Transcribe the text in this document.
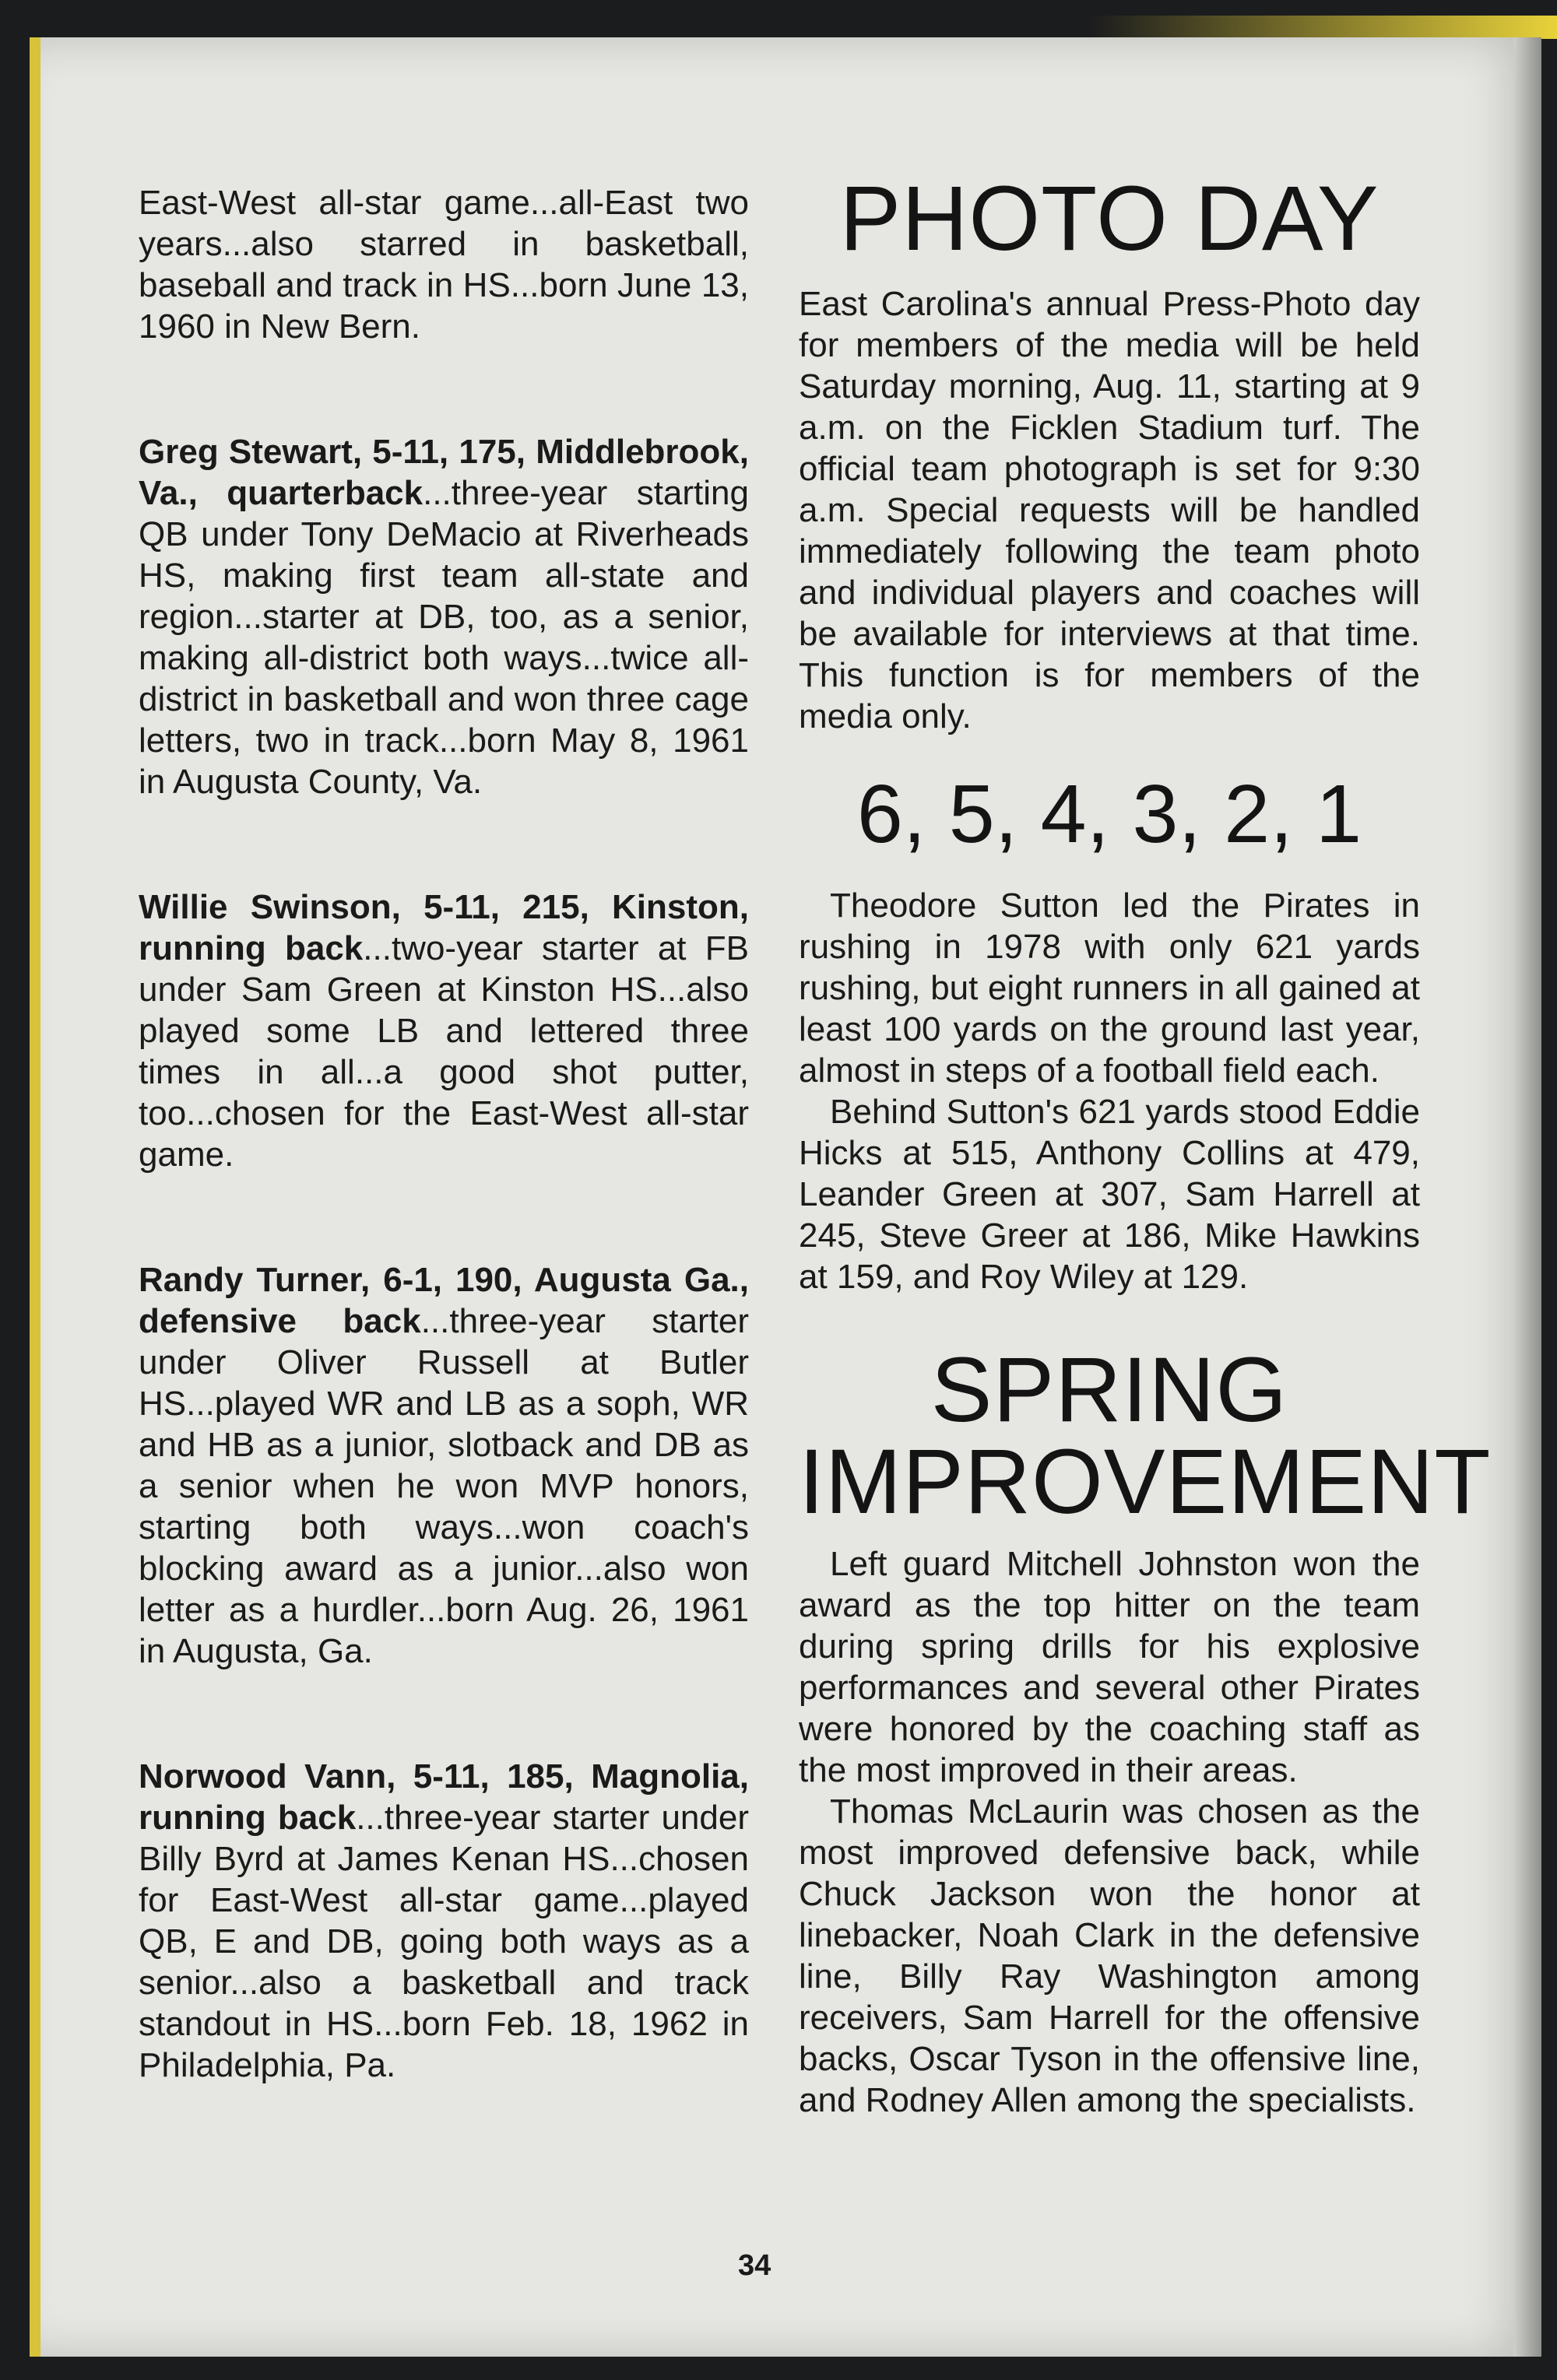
East-West all-star game...all-East two years...also starred in basketball, baseball and track in HS...born June 13, 1960 in New Bern.

Greg Stewart, 5-11, 175, Middlebrook, Va., quarterback...three-year starting QB under Tony DeMacio at Riverheads HS, making first team all-state and region...starter at DB, too, as a senior, making all-district both ways...twice all-district in basketball and won three cage letters, two in track...born May 8, 1961 in Augusta County, Va.

Willie Swinson, 5-11, 215, Kinston, running back...two-year starter at FB under Sam Green at Kinston HS...also played some LB and lettered three times in all...a good shot putter, too...chosen for the East-West all-star game.

Randy Turner, 6-1, 190, Augusta Ga., defensive back...three-year starter under Oliver Russell at Butler HS...played WR and LB as a soph, WR and HB as a junior, slotback and DB as a senior when he won MVP honors, starting both ways...won coach's blocking award as a junior...also won letter as a hurdler...born Aug. 26, 1961 in Augusta, Ga.

Norwood Vann, 5-11, 185, Magnolia, running back...three-year starter under Billy Byrd at James Kenan HS...chosen for East-West all-star game...played QB, E and DB, going both ways as a senior...also a basketball and track standout in HS...born Feb. 18, 1962 in Philadelphia, Pa.

PHOTO DAY

East Carolina's annual Press-Photo day for members of the media will be held Saturday morning, Aug. 11, starting at 9 a.m. on the Ficklen Stadium turf. The official team photograph is set for 9:30 a.m. Special requests will be handled immediately following the team photo and individual players and coaches will be available for interviews at that time. This function is for members of the media only.

6, 5, 4, 3, 2, 1

Theodore Sutton led the Pirates in rushing in 1978 with only 621 yards rushing, but eight runners in all gained at least 100 yards on the ground last year, almost in steps of a football field each.

Behind Sutton's 621 yards stood Eddie Hicks at 515, Anthony Collins at 479, Leander Green at 307, Sam Harrell at 245, Steve Greer at 186, Mike Hawkins at 159, and Roy Wiley at 129.

SPRING
IMPROVEMENT

Left guard Mitchell Johnston won the award as the top hitter on the team during spring drills for his explosive performances and several other Pirates were honored by the coaching staff as the most improved in their areas.

Thomas McLaurin was chosen as the most improved defensive back, while Chuck Jackson won the honor at linebacker, Noah Clark in the defensive line, Billy Ray Washington among receivers, Sam Harrell for the offensive backs, Oscar Tyson in the offensive line, and Rodney Allen among the specialists.

34
